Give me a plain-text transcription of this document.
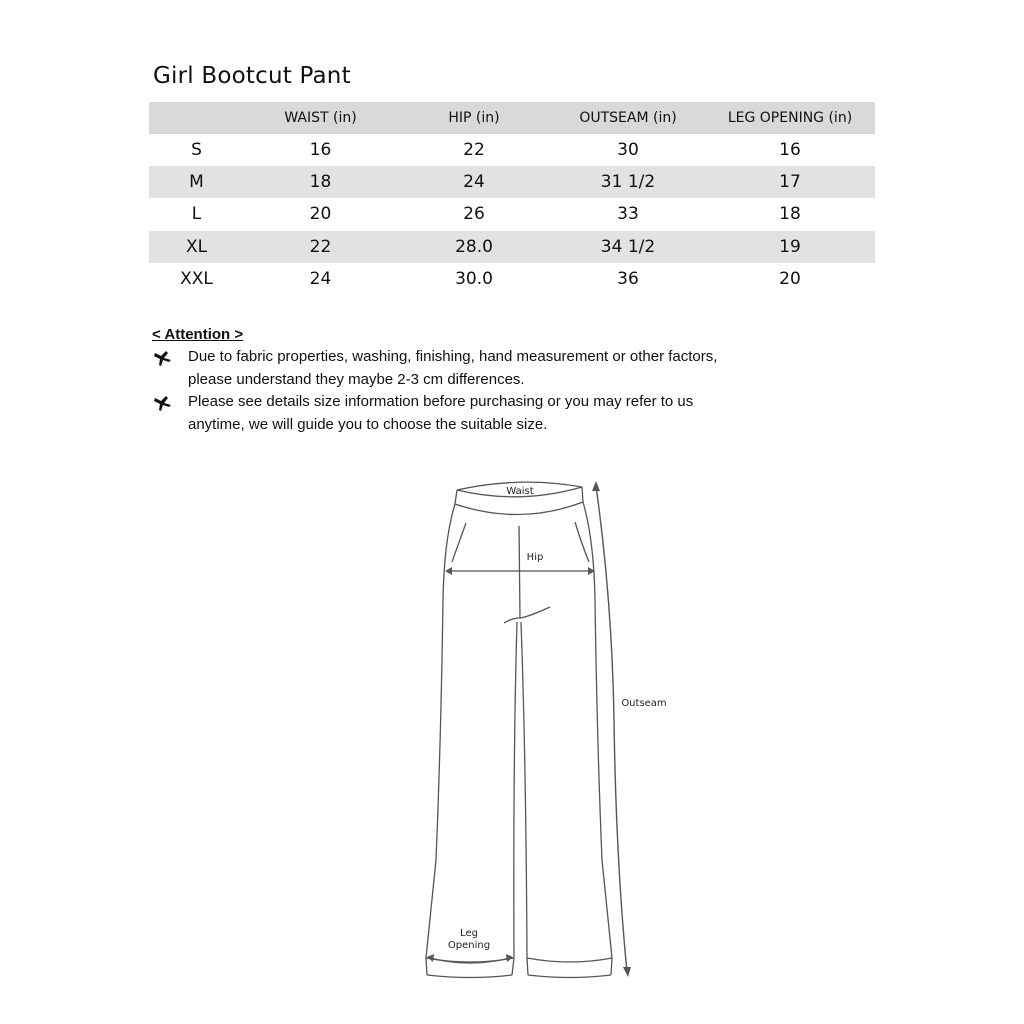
Girl Bootcut Pant
	WAIST (in)	HIP (in)	OUTSEAM (in)	LEG OPENING (in)
S	16	22	30	16
M	18	24	31 1/2	17
L	20	26	33	18
XL	22	28.0	34 1/2	19
XXL	24	30.0	36	20
< Attention >
Due to fabric properties, washing, finishing, hand measurement or other factors,
please understand they maybe 2-3 cm differences.
Please see details size information before purchasing or you may refer to us
anytime, we will guide you to choose the suitable size.
Waist
Hip
Outseam
Leg
Opening
